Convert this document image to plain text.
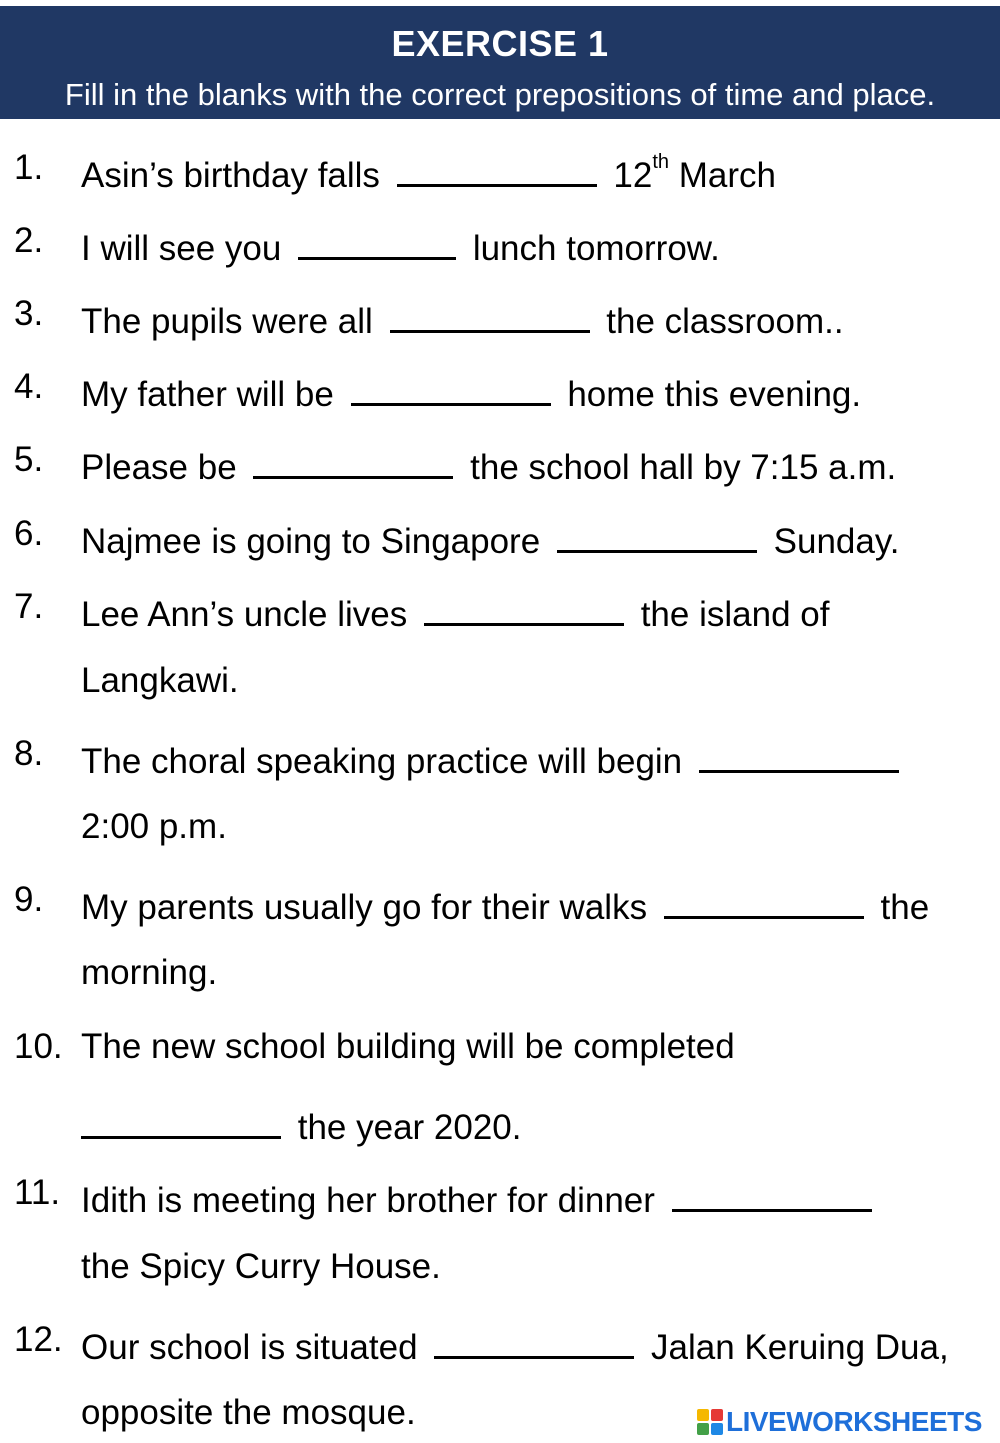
EXERCISE 1
Fill in the blanks with the correct prepositions of time and place.
1. Asin’s birthday falls	12th March
2. I will see you	lunch tomorrow.
3. The pupils were all	the classroom..
4. My father will be	home this evening.
5. Please be	the school hall by 7:15 a.m.
6. Najmee is going to Singapore	Sunday.
7. Lee Ann’s uncle lives	the island of
Langkawi.
8. The choral speaking practice will begin
2:00 p.m.
9. My parents usually go for their walks	the
morning.
10. The new school building will be completed
the year 2020.
11. Idith is meeting her brother for dinner
the Spicy Curry House.
12. Our school is situated	Jalan Keruing Dua,
opposite the mosque.	LIVEWORKSHEETS
